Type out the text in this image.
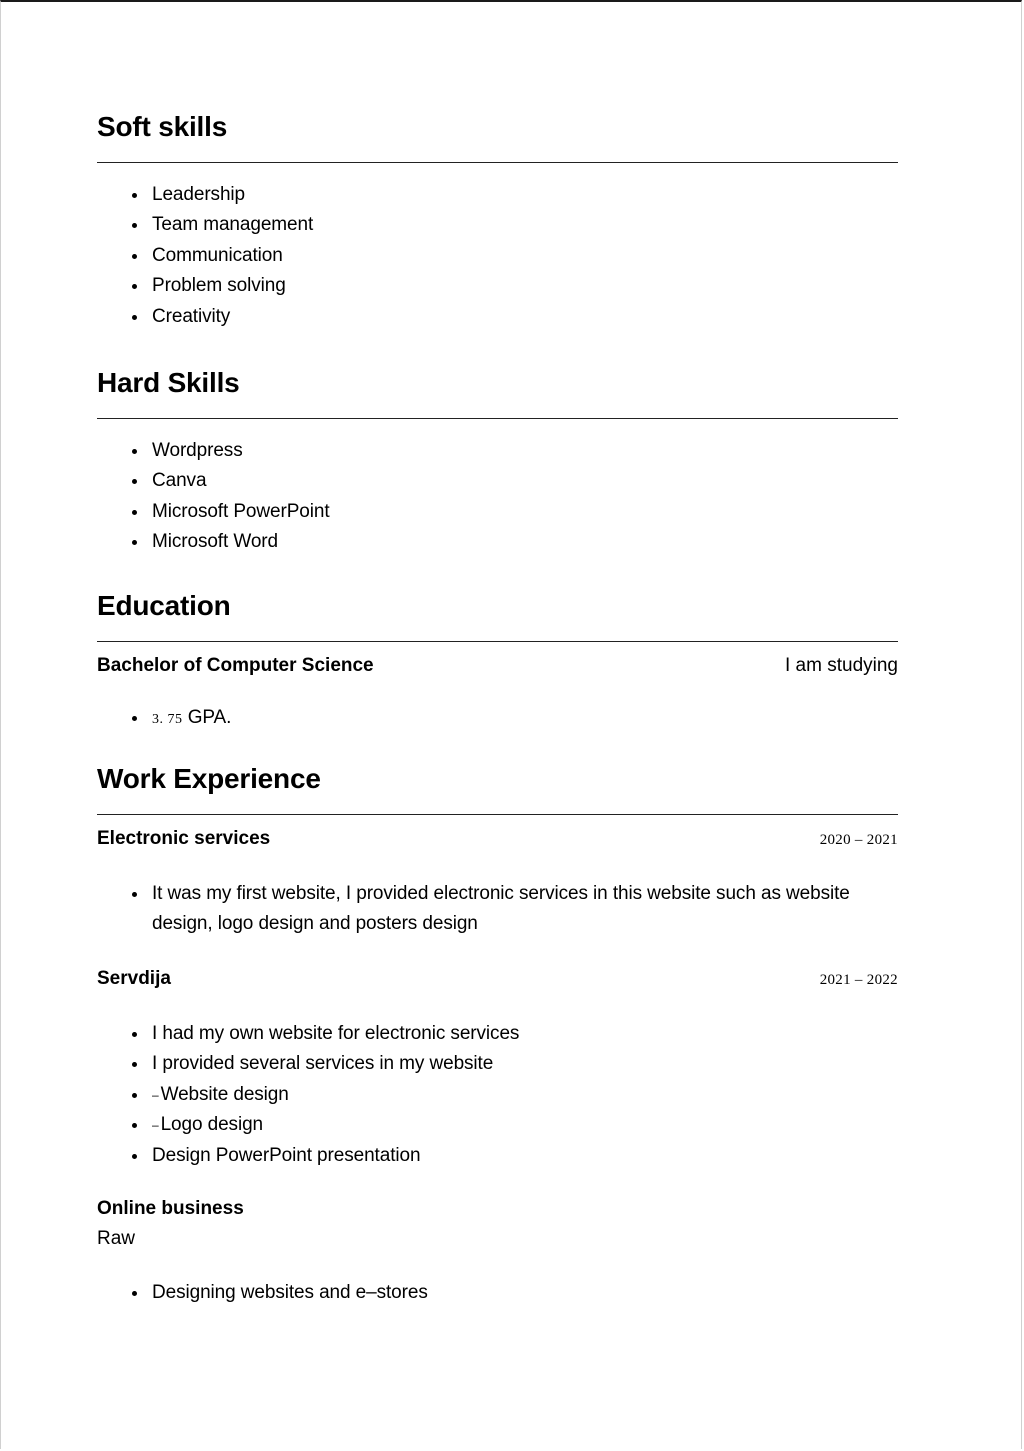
Soft skills
Leadership
Team management
Communication
Problem solving
Creativity
Hard Skills
Wordpress
Canva
Microsoft PowerPoint
Microsoft Word
Education
Bachelor of Computer Science	I am studying
3. 75 GPA.
Work Experience
Electronic services	2020 – 2021
It was my first website, I provided electronic services in this website such as website design, logo design and posters design
Servdija	2021 – 2022
I had my own website for electronic services
I provided several services in my website
– Website design
– Logo design
Design PowerPoint presentation
Online business
Raw
Designing websites and e–stores
